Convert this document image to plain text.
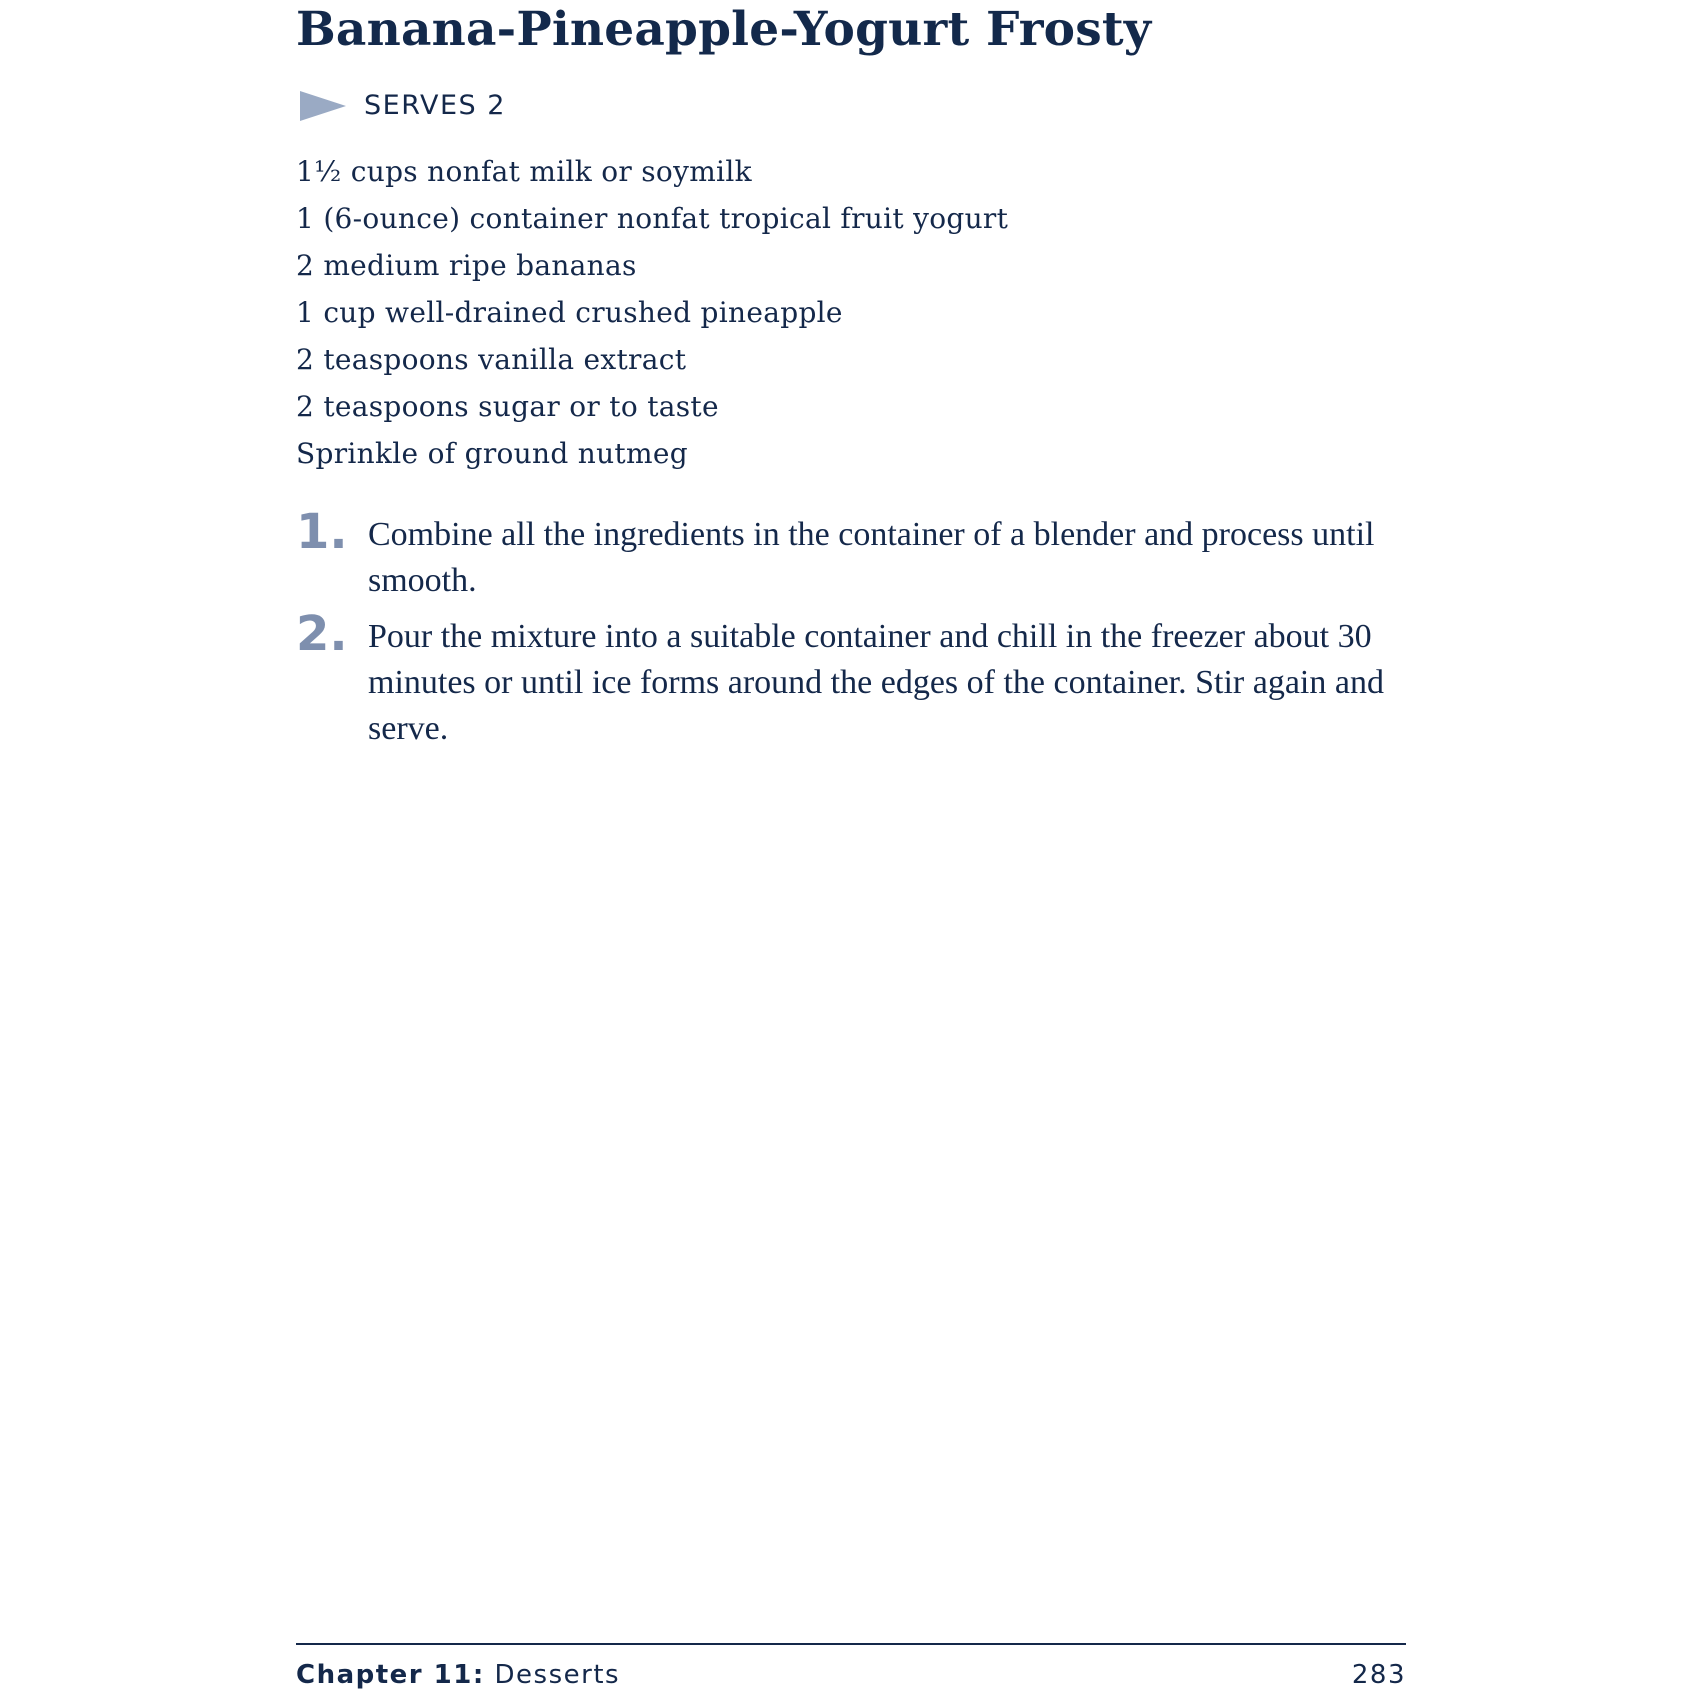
Banana-Pineapple-Yogurt Frosty
SERVES 2
1½ cups nonfat milk or soymilk
1 (6-ounce) container nonfat tropical fruit yogurt
2 medium ripe bananas
1 cup well-drained crushed pineapple
2 teaspoons vanilla extract
2 teaspoons sugar or to taste
Sprinkle of ground nutmeg
1. Combine all the ingredients in the container of a blender and process until smooth.
2. Pour the mixture into a suitable container and chill in the freezer about 30 minutes or until ice forms around the edges of the container. Stir again and serve.
Chapter 11: Desserts	283
